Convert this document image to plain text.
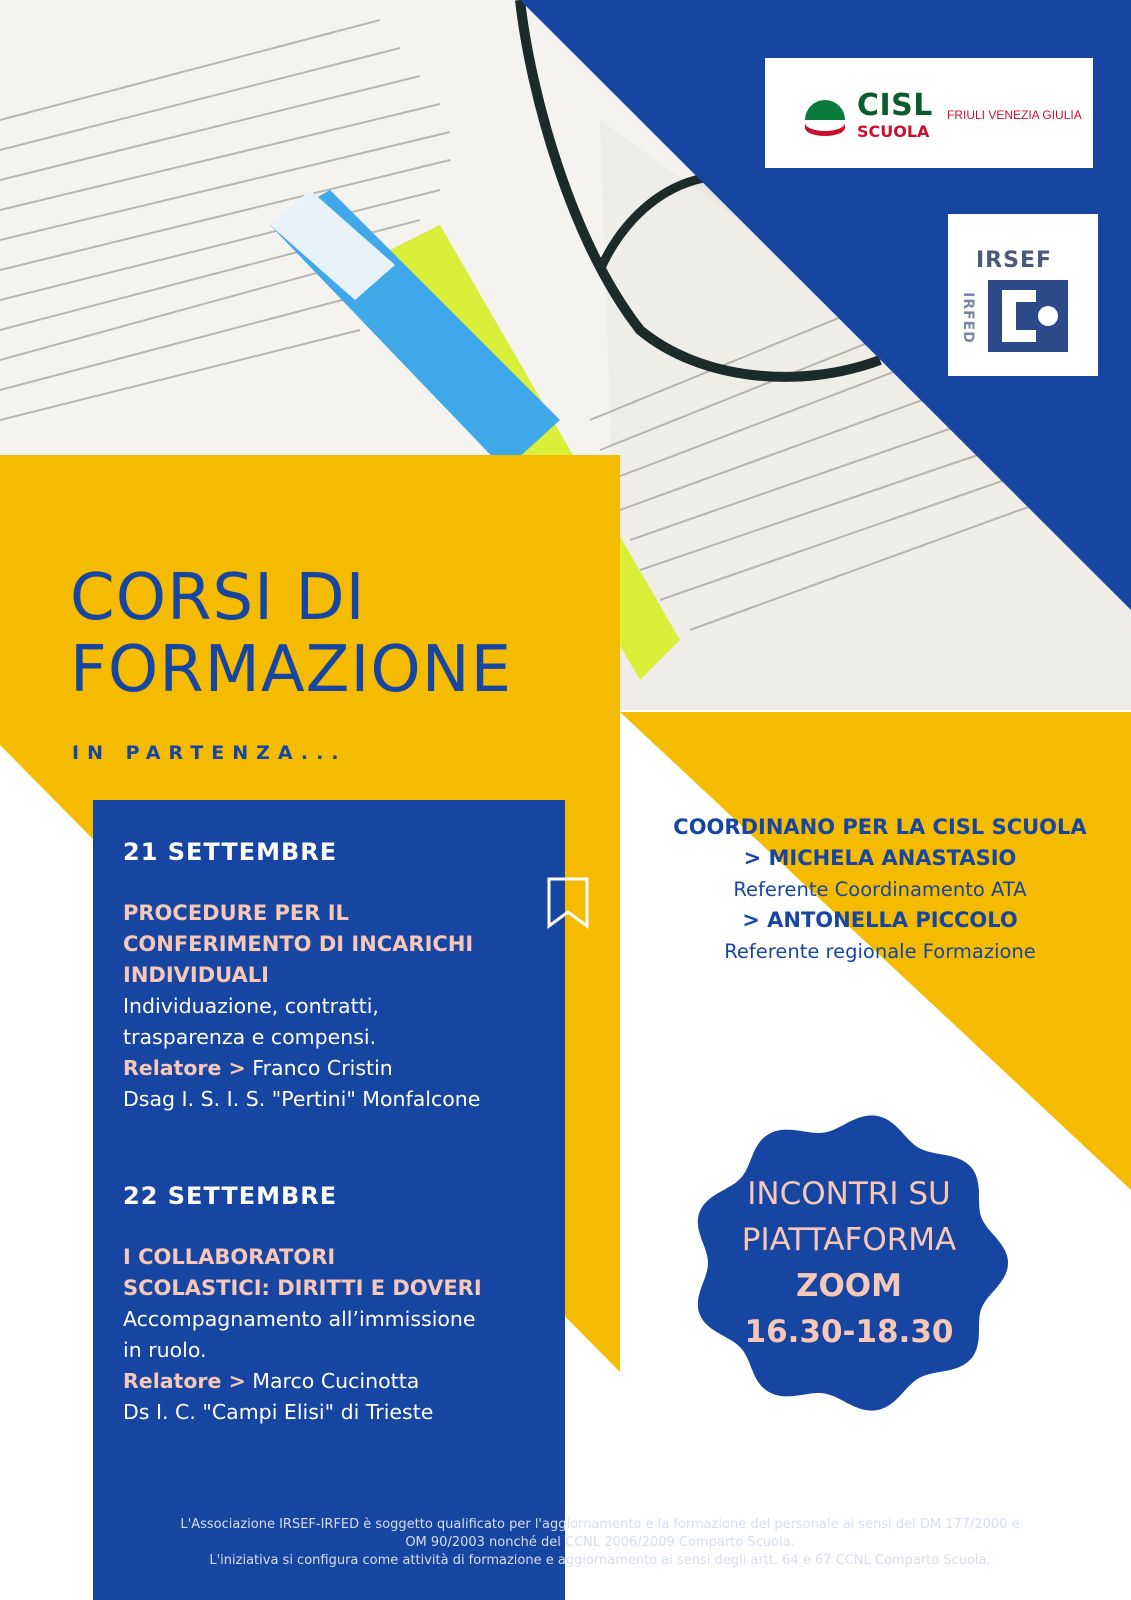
CISL
SCUOLA
FRIULI VENEZIA GIULIA
IRSEF
IRFED
CORSI DI
FORMAZIONE
IN PARTENZA...
21 SETTEMBRE
PROCEDURE PER IL
CONFERIMENTO DI INCARICHI
INDIVIDUALI
Individuazione, contratti,
trasparenza e compensi.
Relatore > Franco Cristin
Dsag I. S. I. S. "Pertini" Monfalcone
22 SETTEMBRE
I COLLABORATORI
SCOLASTICI: DIRITTI E DOVERI
Accompagnamento all’immissione
in ruolo.
Relatore > Marco Cucinotta
Ds I. C. "Campi Elisi" di Trieste
COORDINANO PER LA CISL SCUOLA
> MICHELA ANASTASIO
Referente Coordinamento ATA
> ANTONELLA PICCOLO
Referente regionale Formazione
INCONTRI SU
PIATTAFORMA
ZOOM
16.30-18.30
L'Associazione IRSEF-IRFED è soggetto qualificato per l'aggiornamento e la formazione del personale ai sensi del DM 177/2000 e
OM 90/2003 nonché del CCNL 2006/2009 Comparto Scuola.
L'iniziativa si configura come attività di formazione e aggiornamento ai sensi degli artt. 64 e 67 CCNL Comparto Scuola.
